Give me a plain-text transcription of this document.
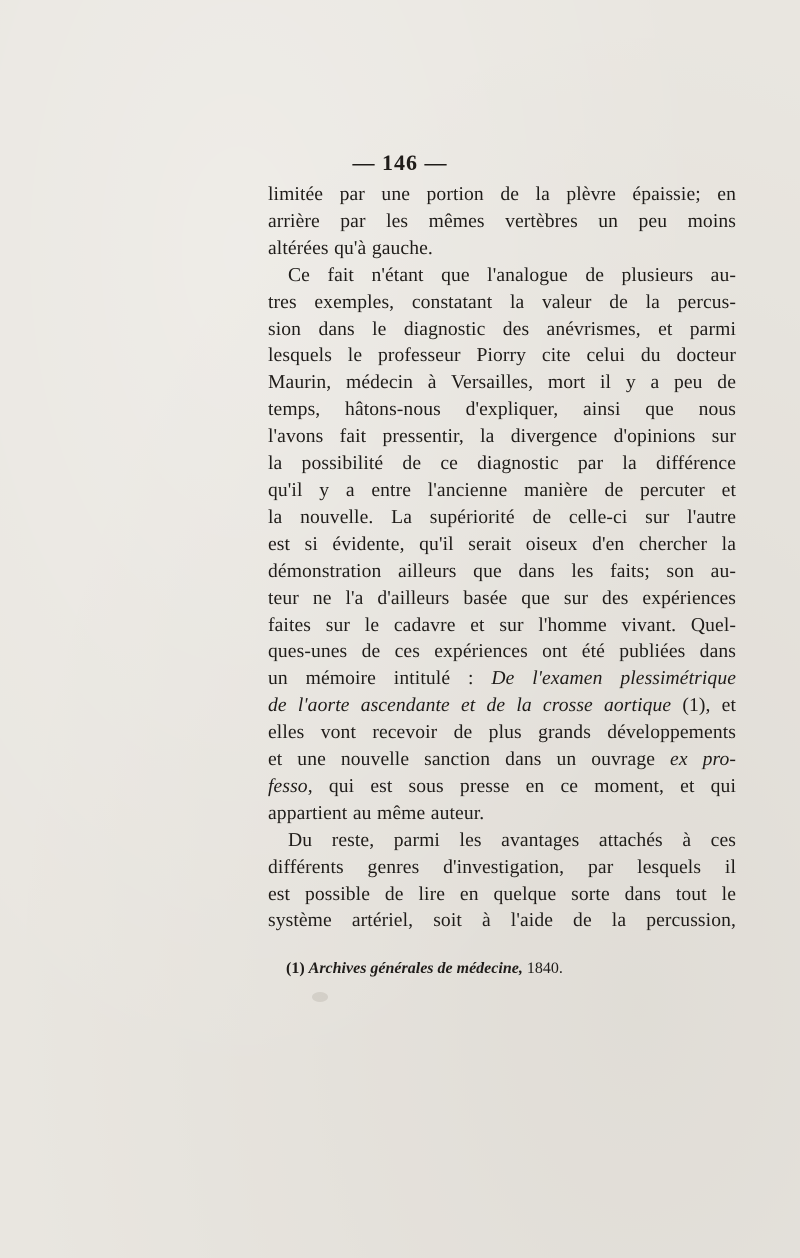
— 146 —
limitée par une portion de la plèvre épaissie; en
arrière par les mêmes vertèbres un peu moins
altérées qu'à gauche.
Ce fait n'étant que l'analogue de plusieurs au-
tres exemples, constatant la valeur de la percus-
sion dans le diagnostic des anévrismes, et parmi
lesquels le professeur Piorry cite celui du docteur
Maurin, médecin à Versailles, mort il y a peu de
temps, hâtons-nous d'expliquer, ainsi que nous
l'avons fait pressentir, la divergence d'opinions sur
la possibilité de ce diagnostic par la différence
qu'il y a entre l'ancienne manière de percuter et
la nouvelle. La supériorité de celle-ci sur l'autre
est si évidente, qu'il serait oiseux d'en chercher la
démonstration ailleurs que dans les faits; son au-
teur ne l'a d'ailleurs basée que sur des expériences
faites sur le cadavre et sur l'homme vivant. Quel-
ques-unes de ces expériences ont été publiées dans
un mémoire intitulé : De l'examen plessimétrique
de l'aorte ascendante et de la crosse aortique (1), et
elles vont recevoir de plus grands développements
et une nouvelle sanction dans un ouvrage ex pro-
fesso, qui est sous presse en ce moment, et qui
appartient au même auteur.
Du reste, parmi les avantages attachés à ces
différents genres d'investigation, par lesquels il
est possible de lire en quelque sorte dans tout le
système artériel, soit à l'aide de la percussion,
(1) Archives générales de médecine, 1840.
